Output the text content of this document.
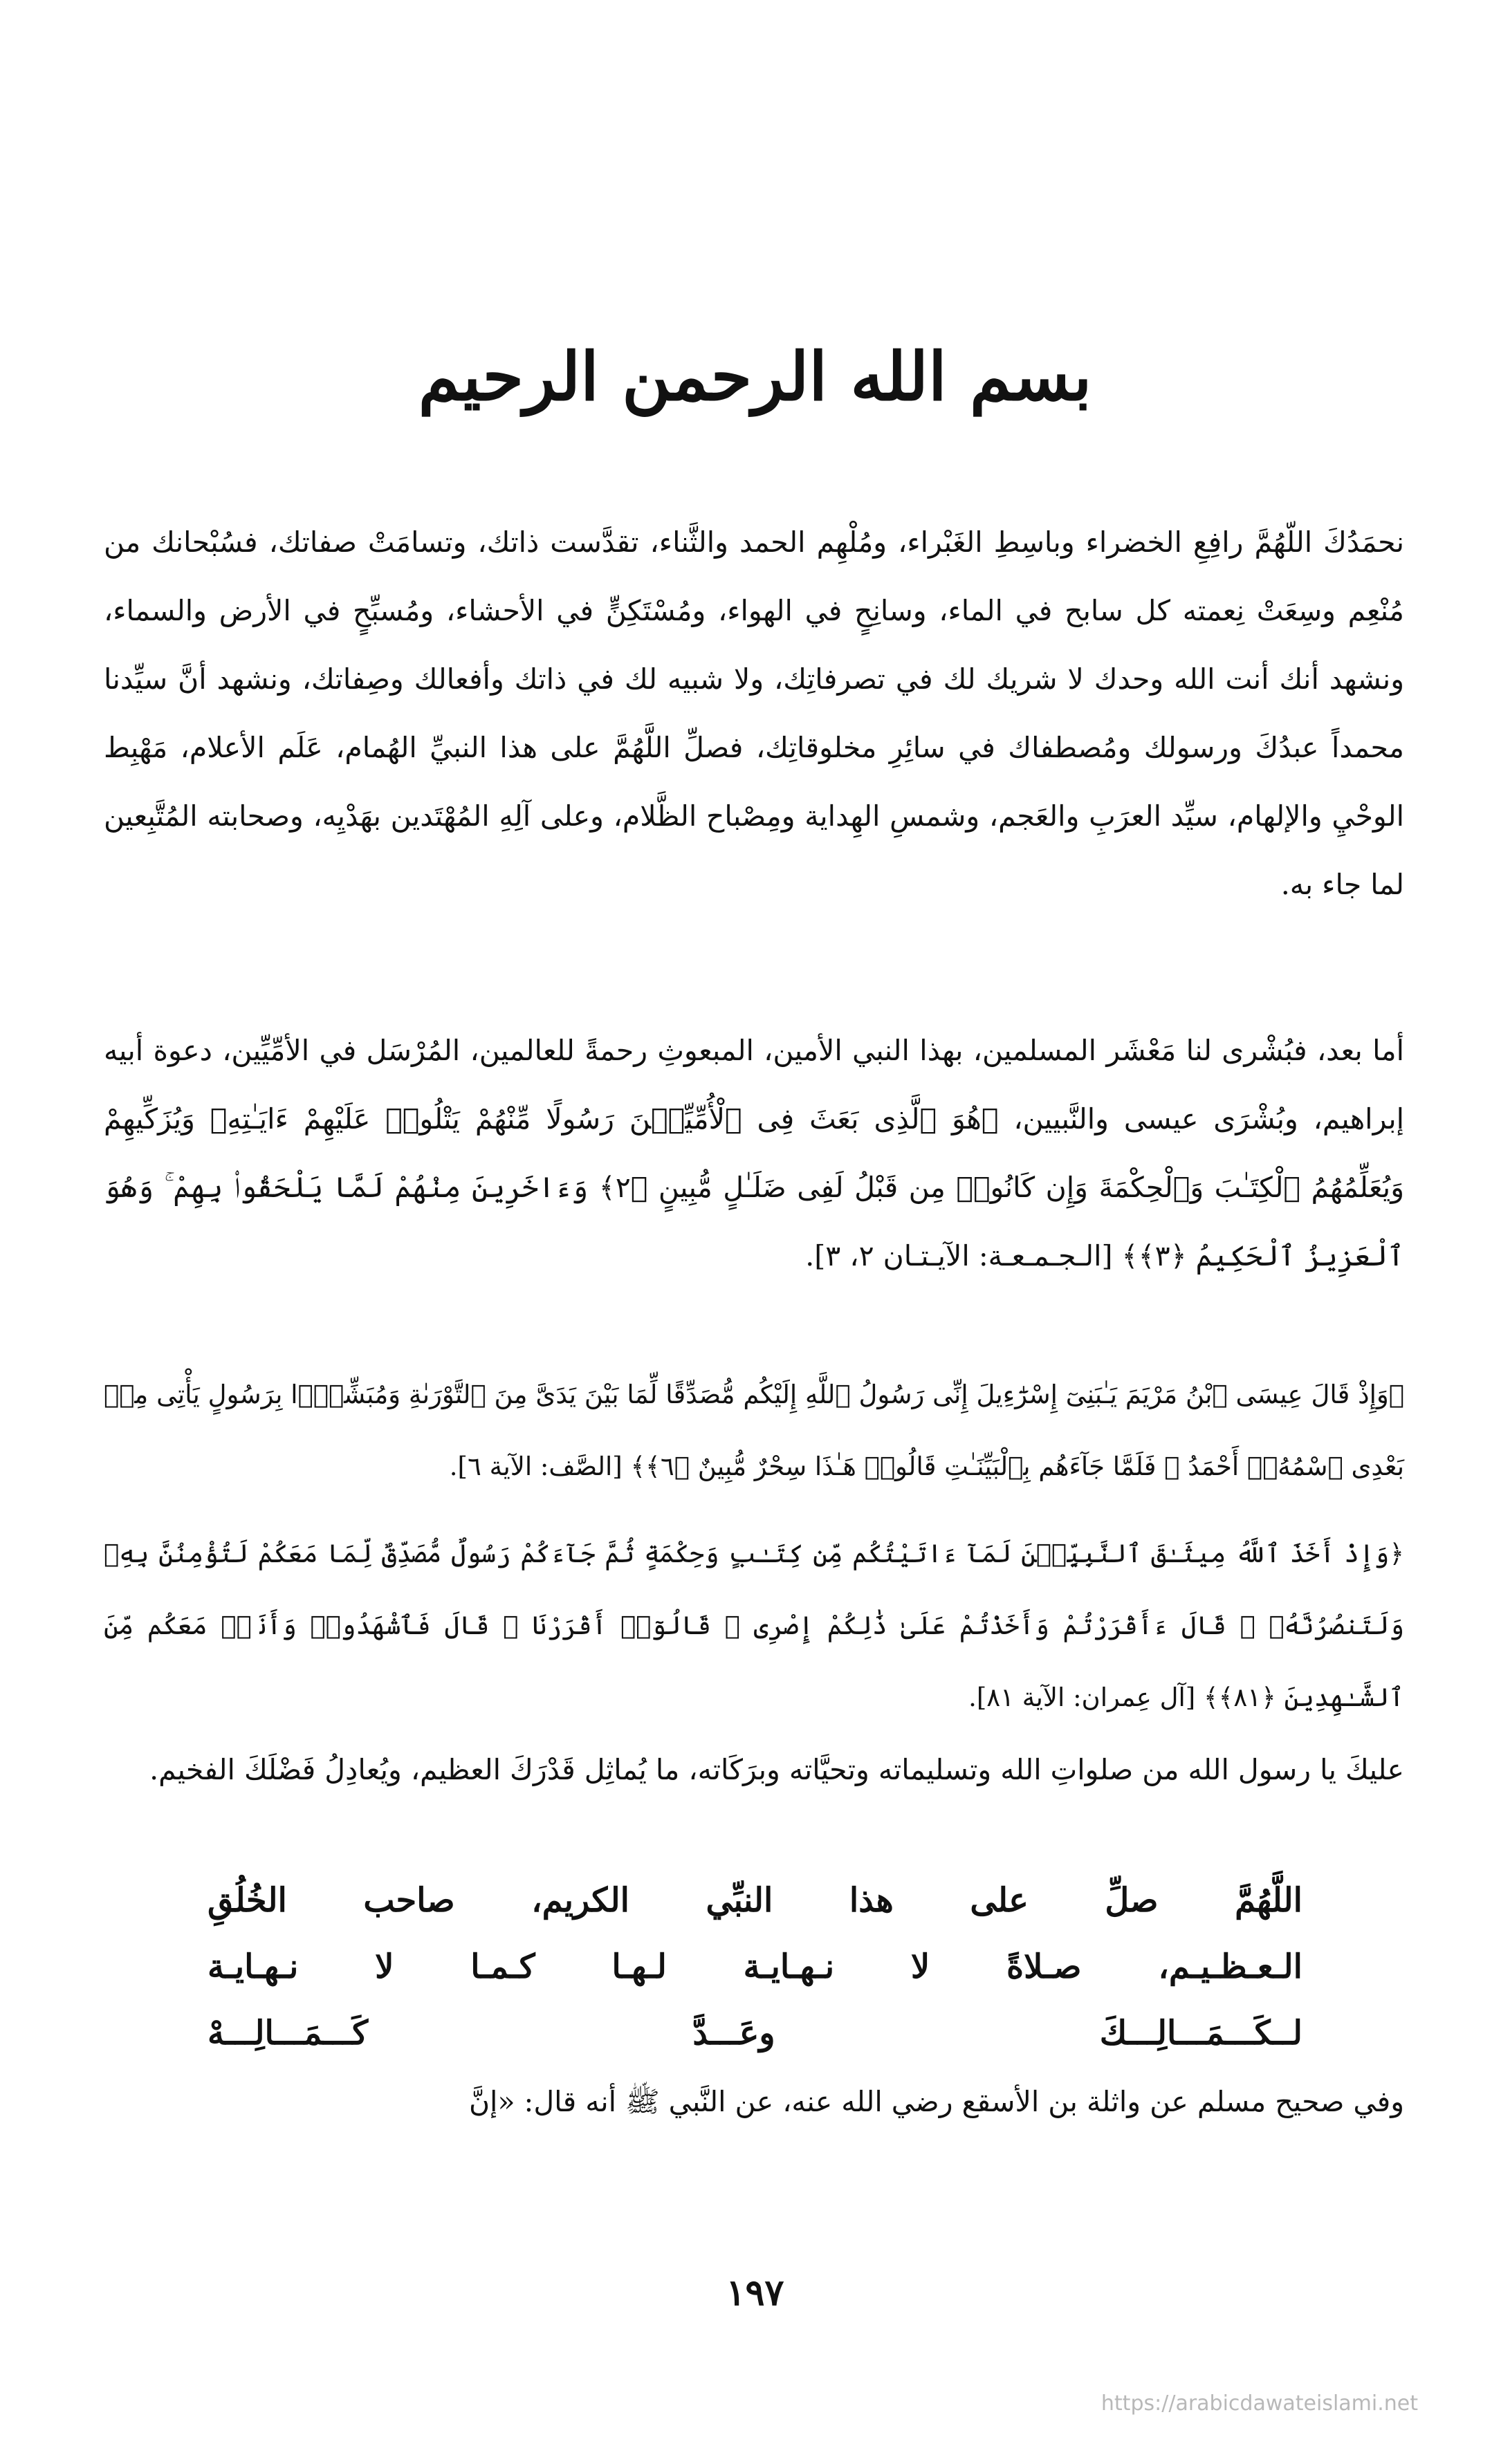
بسم الله الرحمن الرحيم
نحمَدُكَ اللّهُمَّ رافِعِ الخضراء وباسِطِ الغَبْراء، ومُلْهِم الحمد والثَّناء، تقدَّست ذاتك، وتسامَتْ صفاتك، فسُبْحانك من مُنْعِم وسِعَتْ نِعمته كل سابح في الماء، وسانِحٍ في الهواء، ومُسْتَكِنٍّ في الأحشاء، ومُسبِّحٍ في الأرض والسماء، ونشهد أنك أنت الله وحدك لا شريك لك في تصرفاتِك، ولا شبيه لك في ذاتك وأفعالك وصِفاتك، ونشهد أنَّ سيِّدنا محمداً عبدُكَ ورسولك ومُصطفاك في سائِرِ مخلوقاتِك، فصلِّ اللَّهُمَّ على هذا النبيِّ الهُمام، عَلَم الأعلام، مَهْبِط الوحْيِ والإلهام، سيِّد العرَبِ والعَجم، وشمسِ الهِداية ومِصْباح الظَّلام، وعلى آلِهِ المُهْتَدين بهَدْيِه، وصحابته المُتَّبِعين لما جاء به.
أما بعد، فبُشْرى لنا مَعْشَر المسلمين، بهذا النبي الأمين، المبعوثِ رحمةً للعالمين، المُرْسَل في الأمِّيِّين، دعوة أبيه إبراهيم، وبُشْرَى عيسى والنَّبيين، ﴿هُوَ ٱلَّذِى بَعَثَ فِى ٱلْأُمِّيِّـۧنَ رَسُولًا مِّنْهُمْ يَتْلُوا۟ عَلَيْهِمْ ءَايَـٰتِهِۦ وَيُزَكِّيهِمْ وَيُعَلِّمُهُمُ ٱلْكِتَـٰبَ وَٱلْحِكْمَةَ وَإِن كَانُوا۟ مِن قَبْلُ لَفِى ضَلَـٰلٍ مُّبِينٍ ﴿٢﴾ وَءَاخَرِينَ مِنْهُمْ لَمَّا يَلْحَقُوا۟ بِهِمْ ۚ وَهُوَ ٱلْعَزِيزُ ٱلْحَكِيمُ ﴿٣﴾﴾ [الـجـمـعـة: الآيـتـان ٢، ٣].
﴿وَإِذْ قَالَ عِيسَى ٱبْنُ مَرْيَمَ يَـٰبَنِىٓ إِسْرَٰٓءِيلَ إِنِّى رَسُولُ ٱللَّهِ إِلَيْكُم مُّصَدِّقًا لِّمَا بَيْنَ يَدَىَّ مِنَ ٱلتَّوْرَىٰةِ وَمُبَشِّرًۢا بِرَسُولٍ يَأْتِى مِنۢ بَعْدِى ٱسْمُهُۥٓ أَحْمَدُ ۖ فَلَمَّا جَآءَهُم بِٱلْبَيِّنَـٰتِ قَالُوا۟ هَـٰذَا سِحْرٌ مُّبِينٌ ﴿٦﴾﴾ [الصَّف: الآية ٦].
﴿وَإِذْ أَخَذَ ٱللَّهُ مِيثَـٰقَ ٱلنَّبِيِّـۧنَ لَمَآ ءَاتَيْتُكُم مِّن كِتَـٰبٍ وَحِكْمَةٍ ثُمَّ جَآءَكُمْ رَسُولٌ مُّصَدِّقٌ لِّمَا مَعَكُمْ لَتُؤْمِنُنَّ بِهِۦ وَلَتَنصُرُنَّهُۥ ۚ قَالَ ءَأَقْرَرْتُمْ وَأَخَذْتُمْ عَلَىٰ ذَٰلِكُمْ إِصْرِى ۖ قَالُوٓا۟ أَقْرَرْنَا ۚ قَالَ فَٱشْهَدُوا۟ وَأَنَا۠ مَعَكُم مِّنَ ٱلشَّـٰهِدِينَ ﴿٨١﴾﴾ [آل عِمران: الآية ٨١].
عليكَ يا رسول الله من صلواتِ الله وتسليماته وتحيَّاته وبرَكَاته، ما يُماثِل قَدْرَكَ العظيم، ويُعادِلُ فَضْلَكَ الفخيم.
اللَّهُمَّ صلِّ على هذا النبِّي الكريم، صاحب الخُلُقِ
الـعـظـيـم، صـلاةً لا نـهـايـة لـهـا كـمـا لا نـهـايـة
لــكَـــمَـــالِـــكَ وعَـــدَّ كَـــمَـــالِـــهْ
وفي صحيح مسلم عن واثلة بن الأسقع رضي الله عنه، عن النَّبي ﷺ أنه قال: «إنَّ
١٩٧
https://arabicdawateislami.net
